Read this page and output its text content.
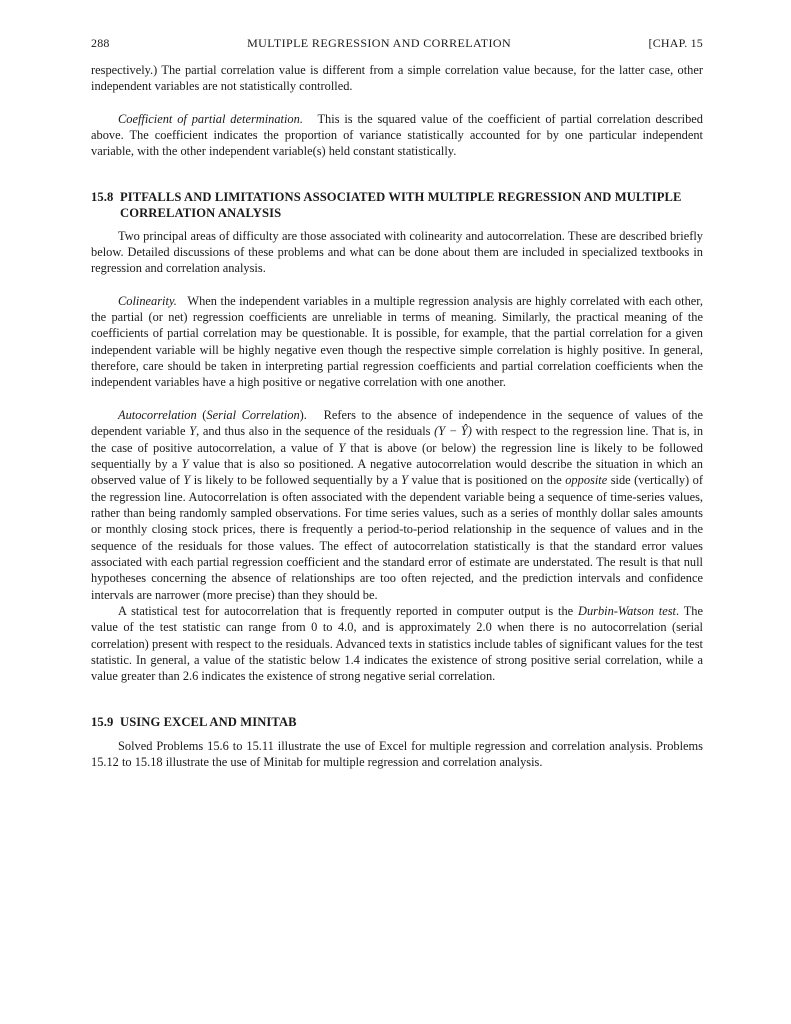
288	MULTIPLE REGRESSION AND CORRELATION	[CHAP. 15

respectively.) The partial correlation value is different from a simple correlation value because, for the latter case, other independent variables are not statistically controlled.

Coefficient of partial determination. This is the squared value of the coefficient of partial correlation described above. The coefficient indicates the proportion of variance statistically accounted for by one particular independent variable, with the other independent variable(s) held constant statistically.

15.8 PITFALLS AND LIMITATIONS ASSOCIATED WITH MULTIPLE REGRESSION AND MULTIPLE CORRELATION ANALYSIS

Two principal areas of difficulty are those associated with colinearity and autocorrelation. These are described briefly below. Detailed discussions of these problems and what can be done about them are included in specialized textbooks in regression and correlation analysis.

Colinearity. When the independent variables in a multiple regression analysis are highly correlated with each other, the partial (or net) regression coefficients are unreliable in terms of meaning. Similarly, the practical meaning of the coefficients of partial correlation may be questionable. It is possible, for example, that the partial correlation for a given independent variable will be highly negative even though the respective simple correlation is highly positive. In general, therefore, care should be taken in interpreting partial regression coefficients and partial correlation coefficients when the independent variables have a high positive or negative correlation with one another.

Autocorrelation (Serial Correlation).   Refers to the absence of independence in the sequence of values of the dependent variable Y, and thus also in the sequence of the residuals (Y − Ŷ) with respect to the regression line. That is, in the case of positive autocorrelation, a value of Y that is above (or below) the regression line is likely to be followed sequentially by a Y value that is also so positioned. A negative autocorrelation would describe the situation in which an observed value of Y is likely to be followed sequentially by a Y value that is positioned on the opposite side (vertically) of the regression line. Autocorrelation is often associated with the dependent variable being a sequence of time-series values, rather than being randomly sampled observations. For time series values, such as a series of monthly dollar sales amounts or monthly closing stock prices, there is frequently a period-to-period relationship in the sequence of values and in the sequence of the residuals for those values. The effect of autocorrelation statistically is that the standard error values associated with each partial regression coefficient and the standard error of estimate are understated. The result is that null hypotheses concerning the absence of relationships are too often rejected, and the prediction intervals and confidence intervals are narrower (more precise) than they should be.

A statistical test for autocorrelation that is frequently reported in computer output is the Durbin-Watson test. The value of the test statistic can range from 0 to 4.0, and is approximately 2.0 when there is no autocorrelation (serial correlation) present with respect to the residuals. Advanced texts in statistics include tables of significant values for the test statistic. In general, a value of the statistic below 1.4 indicates the existence of strong positive serial correlation, while a value greater than 2.6 indicates the existence of strong negative serial correlation.

15.9 USING EXCEL AND MINITAB

Solved Problems 15.6 to 15.11 illustrate the use of Excel for multiple regression and correlation analysis. Problems 15.12 to 15.18 illustrate the use of Minitab for multiple regression and correlation analysis.
